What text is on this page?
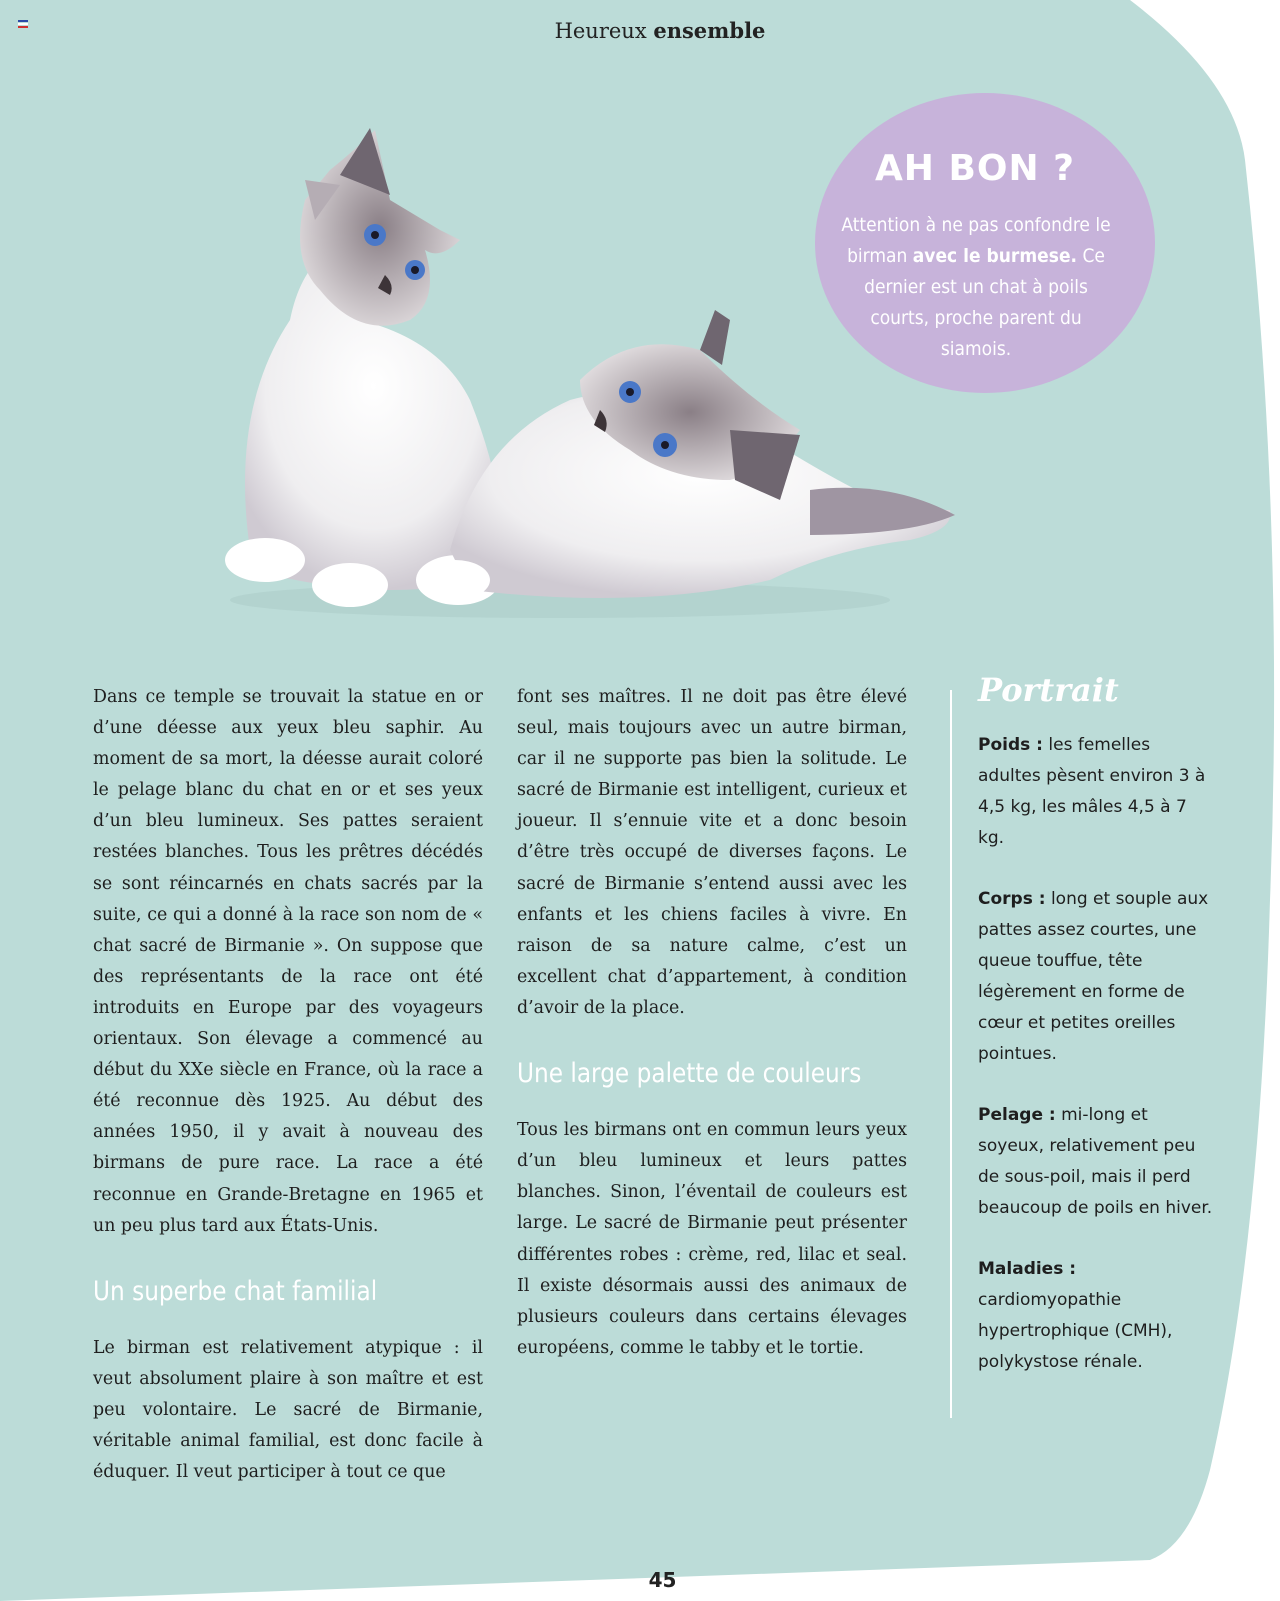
Heureux ensemble
AH BON ?
Attention à ne pas confondre le birman avec le burmese. Ce dernier est un chat à poils courts, proche parent du siamois.

Dans ce temple se trouvait la statue en or d’une déesse aux yeux bleu saphir. Au moment de sa mort, la déesse aurait coloré le pelage blanc du chat en or et ses yeux d’un bleu lumineux. Ses pattes seraient restées blanches. Tous les prêtres décédés se sont réincarnés en chats sacrés par la suite, ce qui a donné à la race son nom de « chat sacré de Birmanie ». On suppose que des représentants de la race ont été introduits en Europe par des voyageurs orientaux. Son élevage a commencé au début du XXe siècle en France, où la race a été reconnue dès 1925. Au début des années 1950, il y avait à nouveau des birmans de pure race. La race a été reconnue en Grande-Bretagne en 1965 et un peu plus tard aux États-Unis.

Un superbe chat familial

Le birman est relativement atypique : il veut absolument plaire à son maître et est peu volontaire. Le sacré de Birmanie, véritable animal familial, est donc facile à éduquer. Il veut participer à tout ce que

font ses maîtres. Il ne doit pas être élevé seul, mais toujours avec un autre birman, car il ne supporte pas bien la solitude. Le sacré de Birmanie est intelligent, curieux et joueur. Il s’ennuie vite et a donc besoin d’être très occupé de diverses façons. Le sacré de Birmanie s’entend aussi avec les enfants et les chiens faciles à vivre. En raison de sa nature calme, c’est un excellent chat d’appartement, à condition d’avoir de la place.

Une large palette de couleurs

Tous les birmans ont en commun leurs yeux d’un bleu lumineux et leurs pattes blanches. Sinon, l’éventail de couleurs est large. Le sacré de Birmanie peut présenter différentes robes : crème, red, lilac et seal. Il existe désormais aussi des animaux de plusieurs couleurs dans certains élevages européens, comme le tabby et le tortie.

Portrait

Poids : les femelles adultes pèsent environ 3 à 4,5 kg, les mâles 4,5 à 7 kg.

Corps : long et souple aux pattes assez courtes, une queue touffue, tête légèrement en forme de cœur et petites oreilles pointues.

Pelage : mi-long et soyeux, relativement peu de sous-poil, mais il perd beaucoup de poils en hiver.

Maladies : cardiomyopathie hypertrophique (CMH), polykystose rénale.

45
